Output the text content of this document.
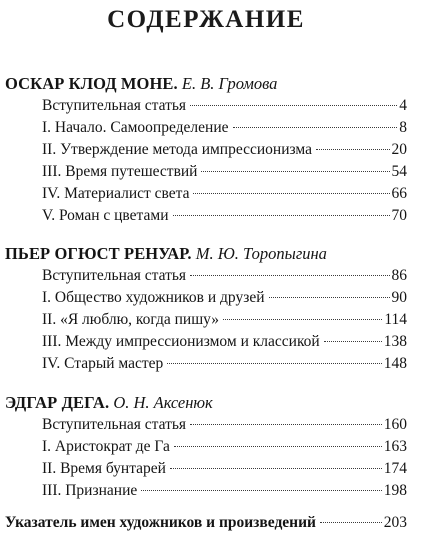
СОДЕРЖАНИЕ
ОСКАР КЛОД МОНЕ. Е. В. Громова
Вступительная статья	4
I. Начало. Самоопределение	8
II. Утверждение метода импрессионизма	20
III. Время путешествий	54
IV. Материалист света	66
V. Роман с цветами	70
ПЬЕР ОГЮСТ РЕНУАР. М. Ю. Торопыгина
Вступительная статья	86
I. Общество художников и друзей	90
II. «Я люблю, когда пишу»	114
III. Между импрессионизмом и классикой	138
IV. Старый мастер	148
ЭДГАР ДЕГА. О. Н. Аксенюк
Вступительная статья	160
I. Аристократ де Га	163
II. Время бунтарей	174
III. Признание	198
Указатель имен художников и произведений	203
